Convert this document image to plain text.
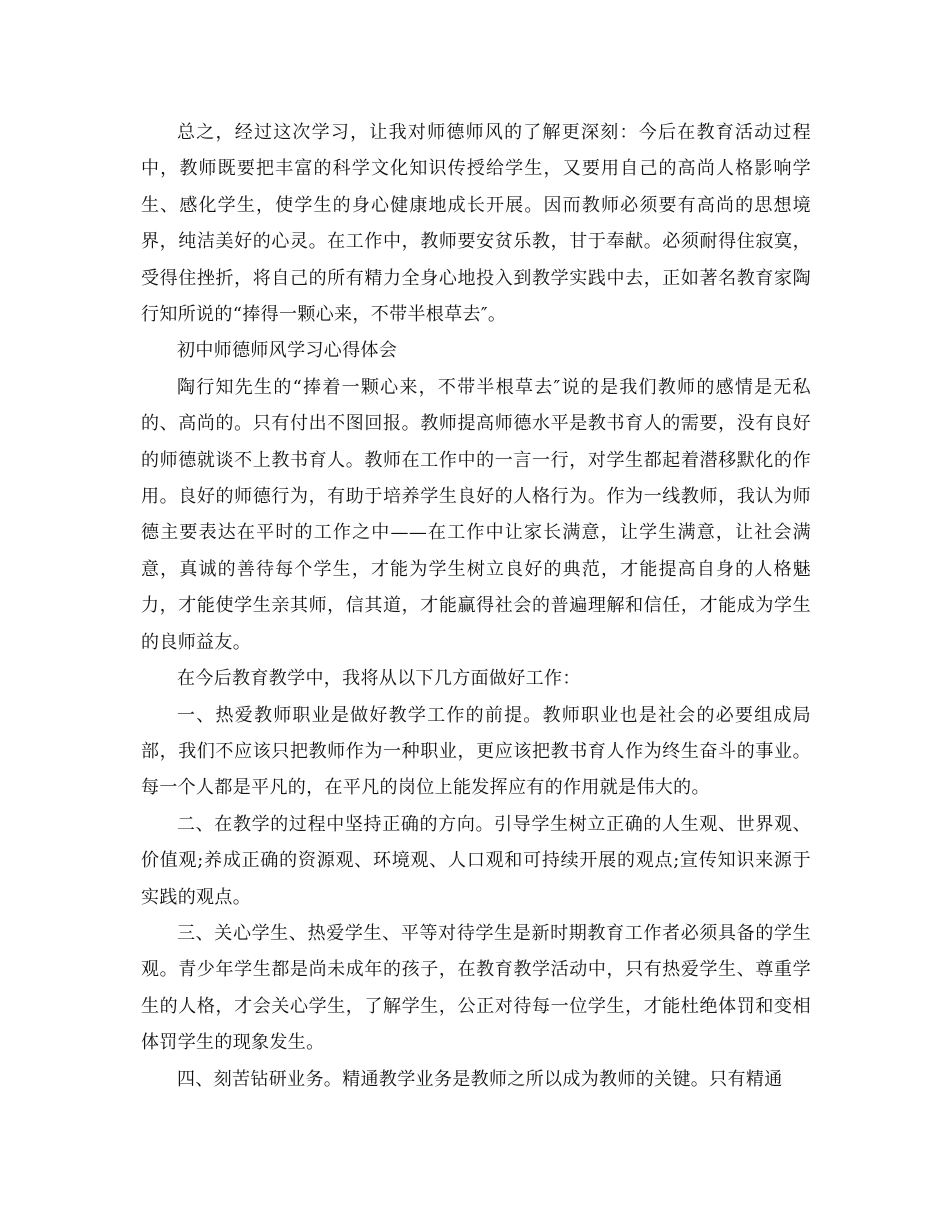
总之，经过这次学习，让我对师德师风的了解更深刻：今后在教育活动过程中，教师既要把丰富的科学文化知识传授给学生，又要用自己的高尚人格影响学生、感化学生，使学生的身心健康地成长开展。因而教师必须要有高尚的思想境界，纯洁美好的心灵。在工作中，教师要安贫乐教，甘于奉献。必须耐得住寂寞，受得住挫折，将自己的所有精力全身心地投入到教学实践中去，正如著名教育家陶行知所说的“捧得一颗心来，不带半根草去″。

初中师德师风学习心得体会

陶行知先生的“捧着一颗心来，不带半根草去″说的是我们教师的感情是无私的、高尚的。只有付出不图回报。教师提高师德水平是教书育人的需要，没有良好的师德就谈不上教书育人。教师在工作中的一言一行，对学生都起着潜移默化的作用。良好的师德行为，有助于培养学生良好的人格行为。作为一线教师，我认为师德主要表达在平时的工作之中——在工作中让家长满意，让学生满意，让社会满意，真诚的善待每个学生，才能为学生树立良好的典范，才能提高自身的人格魅力，才能使学生亲其师，信其道，才能赢得社会的普遍理解和信任，才能成为学生的良师益友。

在今后教育教学中，我将从以下几方面做好工作：

一、热爱教师职业是做好教学工作的前提。教师职业也是社会的必要组成局部，我们不应该只把教师作为一种职业，更应该把教书育人作为终生奋斗的事业。每一个人都是平凡的，在平凡的岗位上能发挥应有的作用就是伟大的。

二、在教学的过程中坚持正确的方向。引导学生树立正确的人生观、世界观、价值观;养成正确的资源观、环境观、人口观和可持续开展的观点;宣传知识来源于实践的观点。

三、关心学生、热爱学生、平等对待学生是新时期教育工作者必须具备的学生观。青少年学生都是尚未成年的孩子，在教育教学活动中，只有热爱学生、尊重学生的人格，才会关心学生，了解学生，公正对待每一位学生，才能杜绝体罚和变相体罚学生的现象发生。

四、刻苦钻研业务。精通教学业务是教师之所以成为教师的关键。只有精通
